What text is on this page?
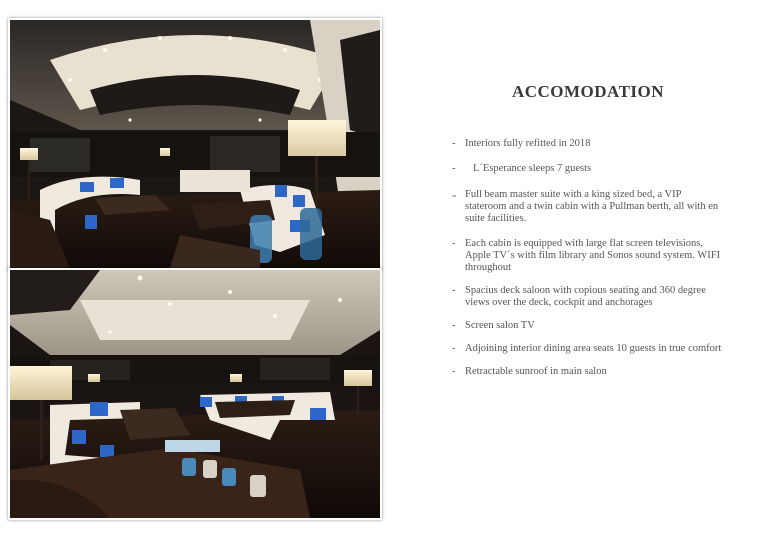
ACCOMODATION
- Interiors fully refitted in 2018
-	L´Esperance sleeps 7 guests
- Full beam master suite with a king sized bed, a VIP stateroom and a twin cabin with a Pullman berth, all with en suite facilities.
- Each cabin is equipped with large flat screen televisions, Apple TV´s with film library and Sonos sound system. WIFI throughout
- Spacius deck saloon with copious seating and 360 degree views over the deck, cockpit and anchorages
- Screen salon TV
- Adjoining interior dining area seats 10 guests in true comfort
- Retractable sunroof in main salon
